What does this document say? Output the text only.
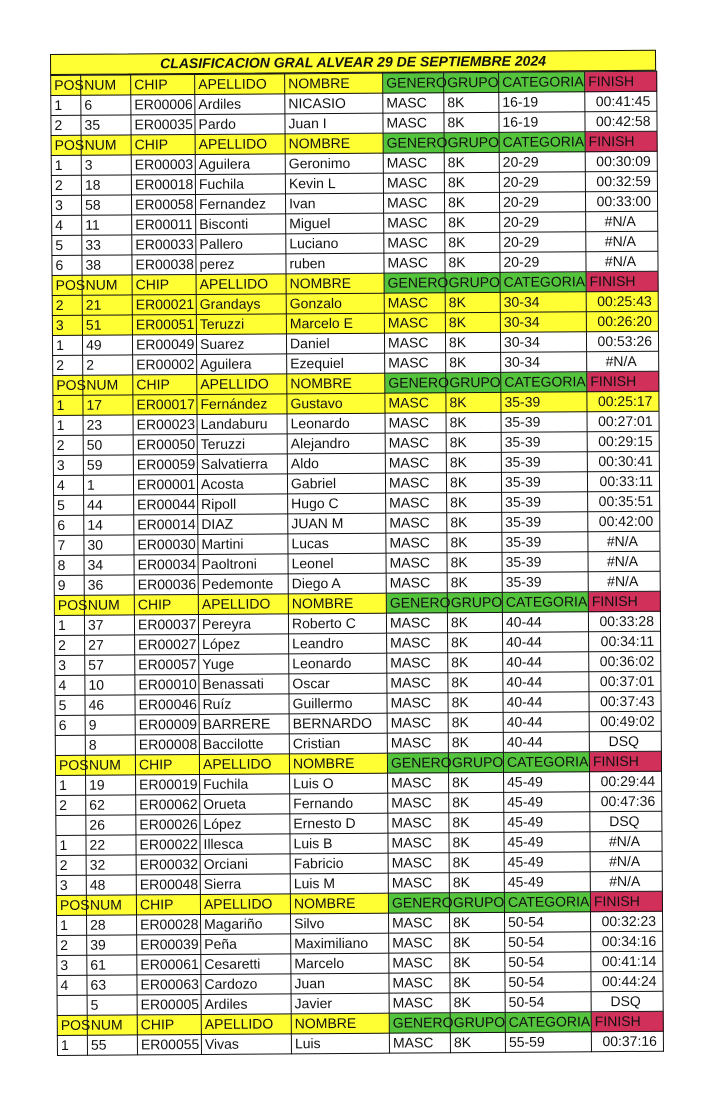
CLASIFICACION GRAL ALVEAR 29 DE SEPTIEMBRE 2024
POS	NUM	CHIP	APELLIDO	NOMBRE	GENERO	GRUPO	CATEGORIA	FINISH
1	6	ER00006	Ardiles	NICASIO	MASC	8K	16-19	00:41:45
2	35	ER00035	Pardo	Juan I	MASC	8K	16-19	00:42:58
POS	NUM	CHIP	APELLIDO	NOMBRE	GENERO	GRUPO	CATEGORIA	FINISH
1	3	ER00003	Aguilera	Geronimo	MASC	8K	20-29	00:30:09
2	18	ER00018	Fuchila	Kevin L	MASC	8K	20-29	00:32:59
3	58	ER00058	Fernandez	Ivan	MASC	8K	20-29	00:33:00
4	11	ER00011	Bisconti	Miguel	MASC	8K	20-29	#N/A
5	33	ER00033	Pallero	Luciano	MASC	8K	20-29	#N/A
6	38	ER00038	perez	ruben	MASC	8K	20-29	#N/A
POS	NUM	CHIP	APELLIDO	NOMBRE	GENERO	GRUPO	CATEGORIA	FINISH
2	21	ER00021	Grandays	Gonzalo	MASC	8K	30-34	00:25:43
3	51	ER00051	Teruzzi	Marcelo E	MASC	8K	30-34	00:26:20
1	49	ER00049	Suarez	Daniel	MASC	8K	30-34	00:53:26
2	2	ER00002	Aguilera	Ezequiel	MASC	8K	30-34	#N/A
POS	NUM	CHIP	APELLIDO	NOMBRE	GENERO	GRUPO	CATEGORIA	FINISH
1	17	ER00017	Fernández	Gustavo	MASC	8K	35-39	00:25:17
1	23	ER00023	Landaburu	Leonardo	MASC	8K	35-39	00:27:01
2	50	ER00050	Teruzzi	Alejandro	MASC	8K	35-39	00:29:15
3	59	ER00059	Salvatierra	Aldo	MASC	8K	35-39	00:30:41
4	1	ER00001	Acosta	Gabriel	MASC	8K	35-39	00:33:11
5	44	ER00044	Ripoll	Hugo C	MASC	8K	35-39	00:35:51
6	14	ER00014	DIAZ	JUAN M	MASC	8K	35-39	00:42:00
7	30	ER00030	Martini	Lucas	MASC	8K	35-39	#N/A
8	34	ER00034	Paoltroni	Leonel	MASC	8K	35-39	#N/A
9	36	ER00036	Pedemonte	Diego A	MASC	8K	35-39	#N/A
POS	NUM	CHIP	APELLIDO	NOMBRE	GENERO	GRUPO	CATEGORIA	FINISH
1	37	ER00037	Pereyra	Roberto C	MASC	8K	40-44	00:33:28
2	27	ER00027	López	Leandro	MASC	8K	40-44	00:34:11
3	57	ER00057	Yuge	Leonardo	MASC	8K	40-44	00:36:02
4	10	ER00010	Benassati	Oscar	MASC	8K	40-44	00:37:01
5	46	ER00046	Ruíz	Guillermo	MASC	8K	40-44	00:37:43
6	9	ER00009	BARRERE	BERNARDO	MASC	8K	40-44	00:49:02
	8	ER00008	Baccilotte	Cristian	MASC	8K	40-44	DSQ
POS	NUM	CHIP	APELLIDO	NOMBRE	GENERO	GRUPO	CATEGORIA	FINISH
1	19	ER00019	Fuchila	Luis O	MASC	8K	45-49	00:29:44
2	62	ER00062	Orueta	Fernando	MASC	8K	45-49	00:47:36
	26	ER00026	López	Ernesto D	MASC	8K	45-49	DSQ
1	22	ER00022	Illesca	Luis B	MASC	8K	45-49	#N/A
2	32	ER00032	Orciani	Fabricio	MASC	8K	45-49	#N/A
3	48	ER00048	Sierra	Luis M	MASC	8K	45-49	#N/A
POS	NUM	CHIP	APELLIDO	NOMBRE	GENERO	GRUPO	CATEGORIA	FINISH
1	28	ER00028	Magariño	Silvo	MASC	8K	50-54	00:32:23
2	39	ER00039	Peña	Maximiliano	MASC	8K	50-54	00:34:16
3	61	ER00061	Cesaretti	Marcelo	MASC	8K	50-54	00:41:14
4	63	ER00063	Cardozo	Juan	MASC	8K	50-54	00:44:24
	5	ER00005	Ardiles	Javier	MASC	8K	50-54	DSQ
POS	NUM	CHIP	APELLIDO	NOMBRE	GENERO	GRUPO	CATEGORIA	FINISH
1	55	ER00055	Vivas	Luis	MASC	8K	55-59	00:37:16
